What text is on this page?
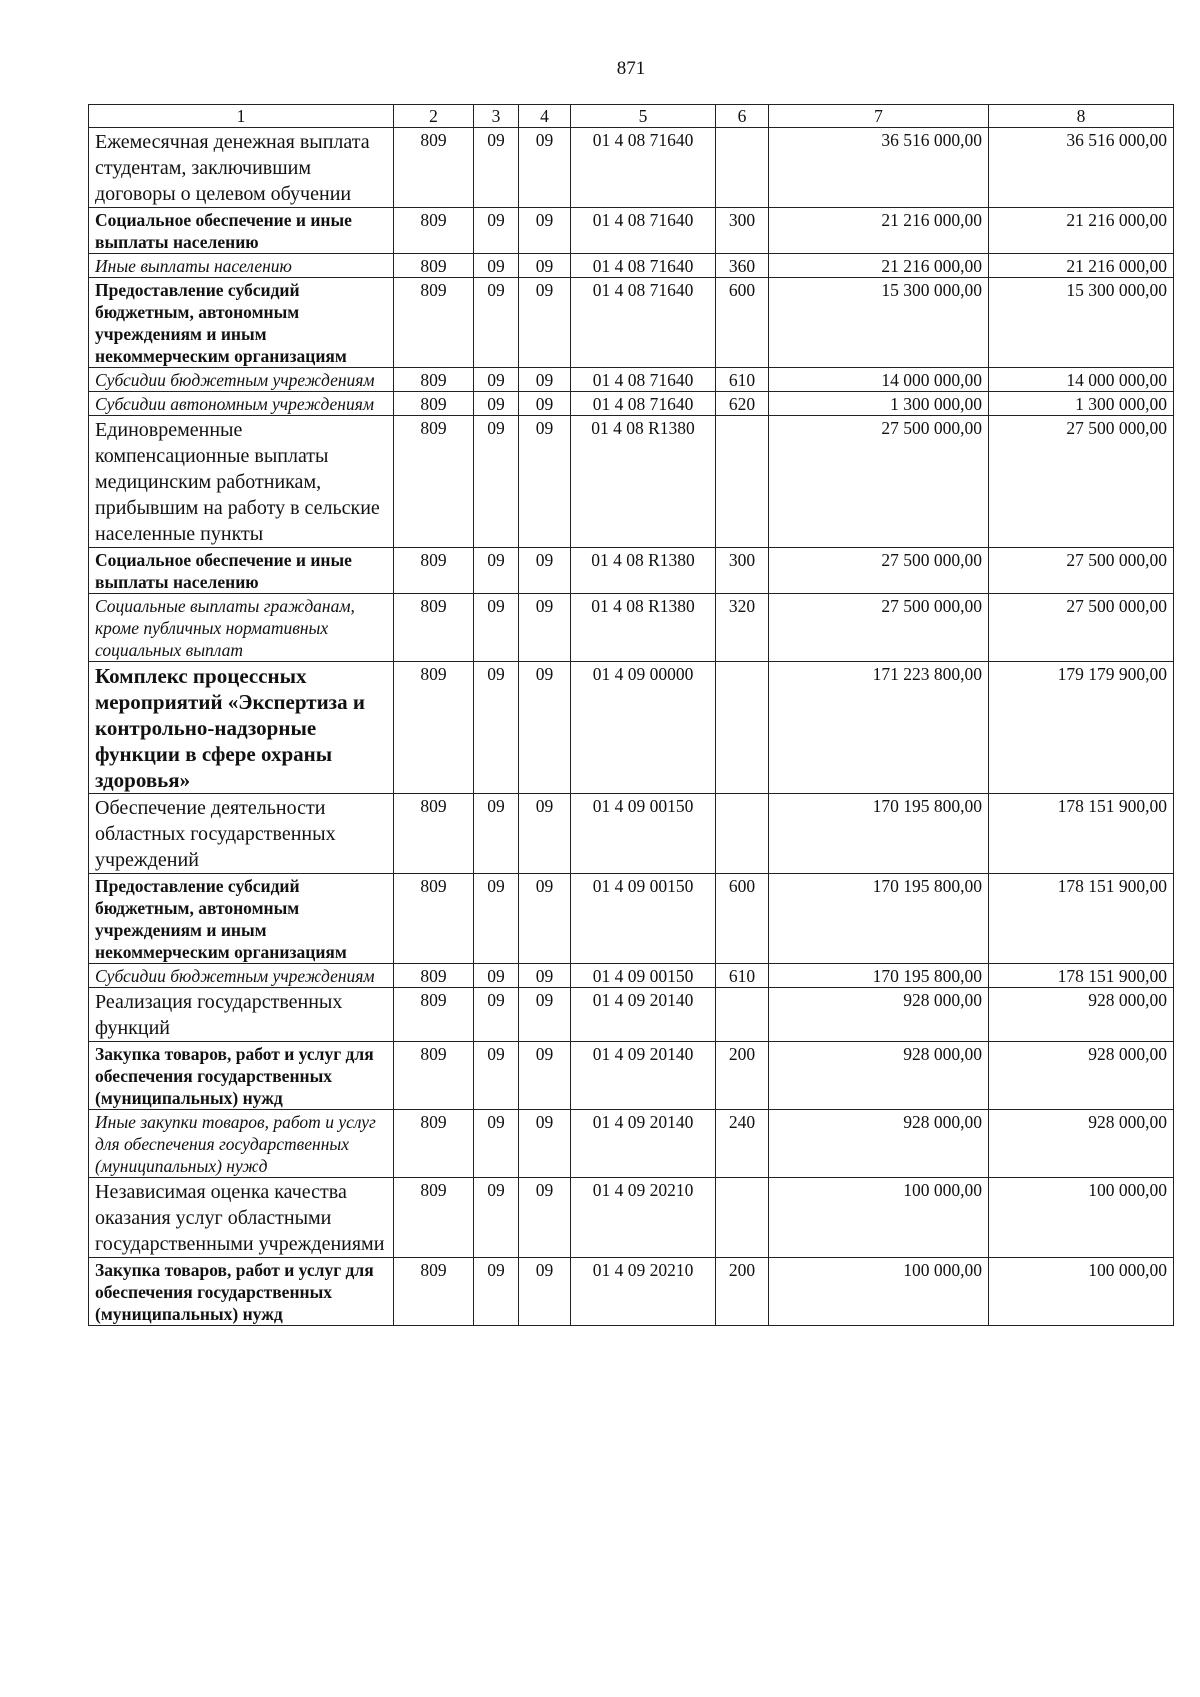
871
1	2	3	4	5	6	7	8
Ежемесячная денежная выплата студентам, заключившим договоры о целевом обучении	809	09	09	01 4 08 71640		36 516 000,00	36 516 000,00
Социальное обеспечение и иные выплаты населению	809	09	09	01 4 08 71640	300	21 216 000,00	21 216 000,00
Иные выплаты населению	809	09	09	01 4 08 71640	360	21 216 000,00	21 216 000,00
Предоставление субсидий бюджетным, автономным учреждениям и иным некоммерческим организациям	809	09	09	01 4 08 71640	600	15 300 000,00	15 300 000,00
Субсидии бюджетным учреждениям	809	09	09	01 4 08 71640	610	14 000 000,00	14 000 000,00
Субсидии автономным учреждениям	809	09	09	01 4 08 71640	620	1 300 000,00	1 300 000,00
Единовременные компенсационные выплаты медицинским работникам, прибывшим на работу в сельские населенные пункты	809	09	09	01 4 08 R1380		27 500 000,00	27 500 000,00
Социальное обеспечение и иные выплаты населению	809	09	09	01 4 08 R1380	300	27 500 000,00	27 500 000,00
Социальные выплаты гражданам, кроме публичных нормативных социальных выплат	809	09	09	01 4 08 R1380	320	27 500 000,00	27 500 000,00
Комплекс процессных мероприятий «Экспертиза и контрольно-надзорные функции в сфере охраны здоровья»	809	09	09	01 4 09 00000		171 223 800,00	179 179 900,00
Обеспечение деятельности областных государственных учреждений	809	09	09	01 4 09 00150		170 195 800,00	178 151 900,00
Предоставление субсидий бюджетным, автономным учреждениям и иным некоммерческим организациям	809	09	09	01 4 09 00150	600	170 195 800,00	178 151 900,00
Субсидии бюджетным учреждениям	809	09	09	01 4 09 00150	610	170 195 800,00	178 151 900,00
Реализация государственных функций	809	09	09	01 4 09 20140		928 000,00	928 000,00
Закупка товаров, работ и услуг для обеспечения государственных (муниципальных) нужд	809	09	09	01 4 09 20140	200	928 000,00	928 000,00
Иные закупки товаров, работ и услуг для обеспечения государственных (муниципальных) нужд	809	09	09	01 4 09 20140	240	928 000,00	928 000,00
Независимая оценка качества оказания услуг областными государственными учреждениями	809	09	09	01 4 09 20210		100 000,00	100 000,00
Закупка товаров, работ и услуг для обеспечения государственных (муниципальных) нужд	809	09	09	01 4 09 20210	200	100 000,00	100 000,00
